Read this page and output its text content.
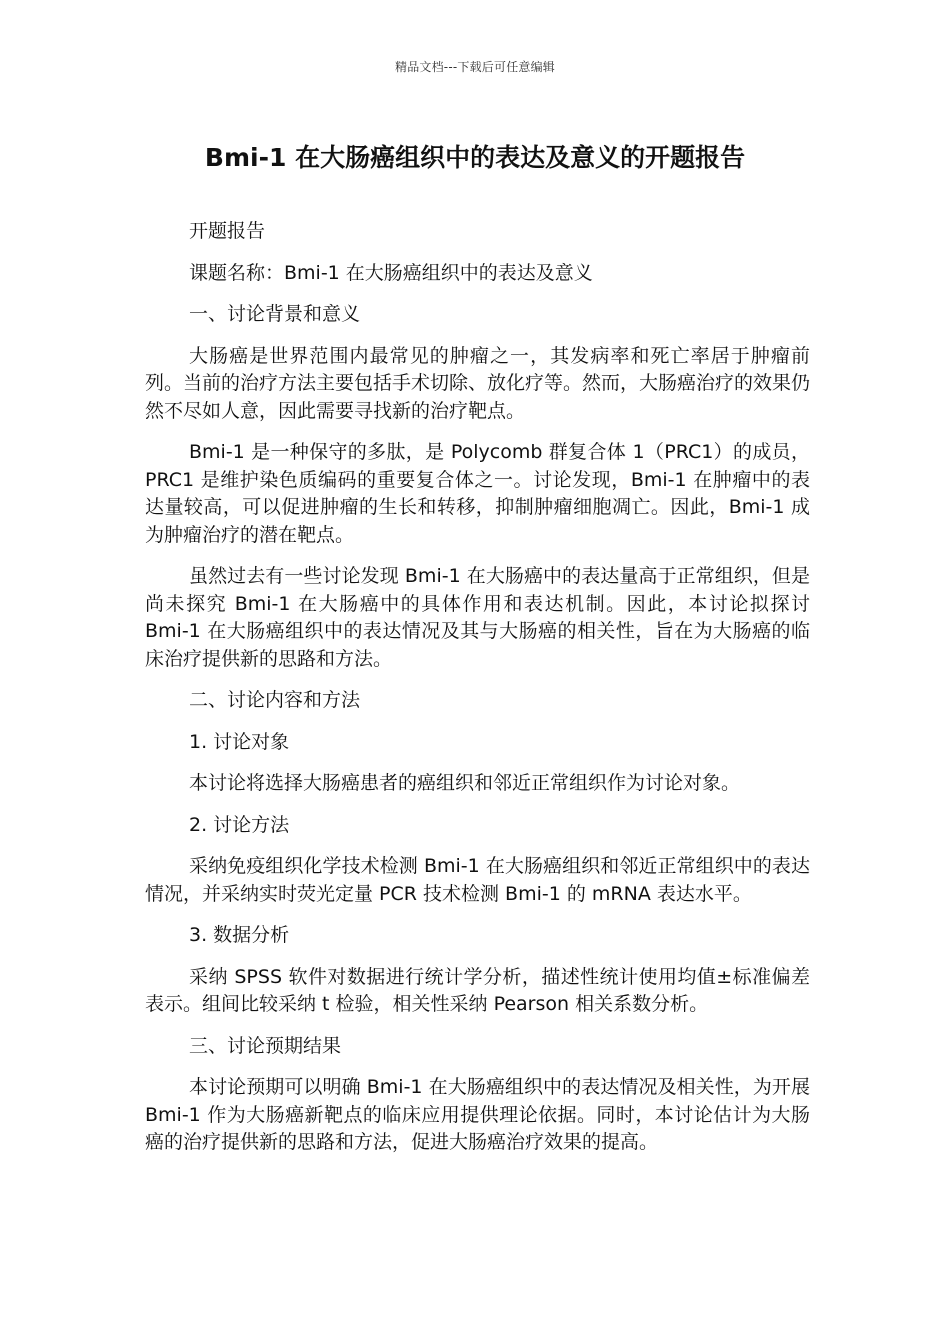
精品文档---下载后可任意编辑
Bmi-1 在大肠癌组织中的表达及意义的开题报告

开题报告

课题名称：Bmi-1 在大肠癌组织中的表达及意义

一、讨论背景和意义

大肠癌是世界范围内最常见的肿瘤之一，其发病率和死亡率居于肿瘤前列。当前的治疗方法主要包括手术切除、放化疗等。然而，大肠癌治疗的效果仍然不尽如人意，因此需要寻找新的治疗靶点。

Bmi-1 是一种保守的多肽，是 Polycomb 群复合体 1（PRC1）的成员，PRC1 是维护染色质编码的重要复合体之一。讨论发现，Bmi-1 在肿瘤中的表达量较高，可以促进肿瘤的生长和转移，抑制肿瘤细胞凋亡。因此，Bmi-1 成为肿瘤治疗的潜在靶点。

虽然过去有一些讨论发现 Bmi-1 在大肠癌中的表达量高于正常组织，但是尚未探究 Bmi-1 在大肠癌中的具体作用和表达机制。因此，本讨论拟探讨 Bmi-1 在大肠癌组织中的表达情况及其与大肠癌的相关性，旨在为大肠癌的临床治疗提供新的思路和方法。

二、讨论内容和方法

1. 讨论对象

本讨论将选择大肠癌患者的癌组织和邻近正常组织作为讨论对象。

2. 讨论方法

采纳免疫组织化学技术检测 Bmi-1 在大肠癌组织和邻近正常组织中的表达情况，并采纳实时荧光定量 PCR 技术检测 Bmi-1 的 mRNA 表达水平。

3. 数据分析

采纳 SPSS 软件对数据进行统计学分析，描述性统计使用均值±标准偏差表示。组间比较采纳 t 检验，相关性采纳 Pearson 相关系数分析。

三、讨论预期结果

本讨论预期可以明确 Bmi-1 在大肠癌组织中的表达情况及相关性，为开展 Bmi-1 作为大肠癌新靶点的临床应用提供理论依据。同时，本讨论估计为大肠癌的治疗提供新的思路和方法，促进大肠癌治疗效果的提高。
